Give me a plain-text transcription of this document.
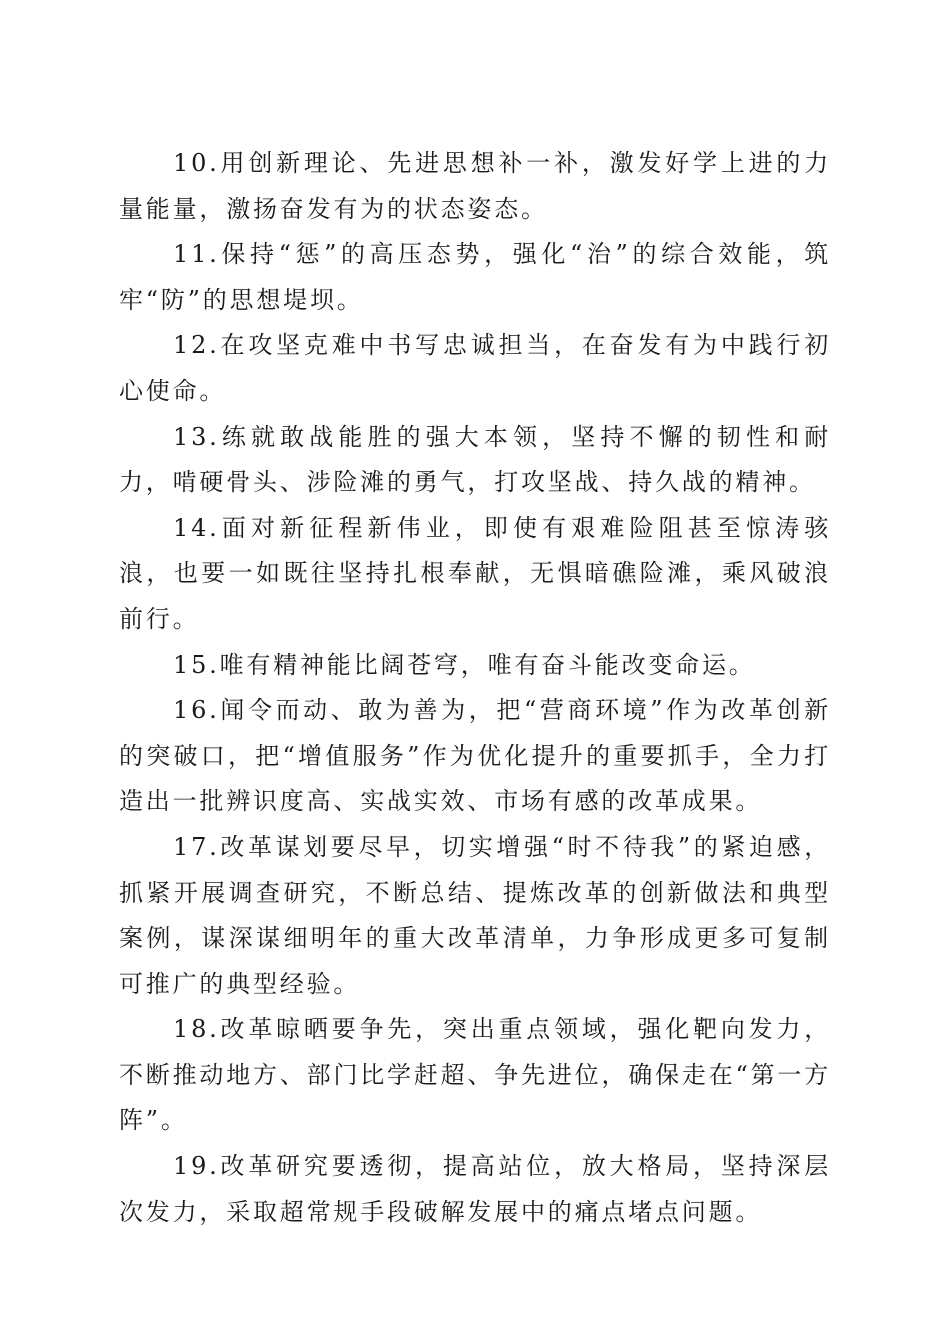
10.用创新理论、先进思想补一补，激发好学上进的力量能量，激扬奋发有为的状态姿态。

11.保持“惩”的高压态势，强化“治”的综合效能，筑牢“防”的思想堤坝。

12.在攻坚克难中书写忠诚担当，在奋发有为中践行初心使命。

13.练就敢战能胜的强大本领，坚持不懈的韧性和耐力，啃硬骨头、涉险滩的勇气，打攻坚战、持久战的精神。

14.面对新征程新伟业，即使有艰难险阻甚至惊涛骇浪，也要一如既往坚持扎根奉献，无惧暗礁险滩，乘风破浪前行。

15.唯有精神能比阔苍穹，唯有奋斗能改变命运。

16.闻令而动、敢为善为，把“营商环境”作为改革创新的突破口，把“增值服务”作为优化提升的重要抓手，全力打造出一批辨识度高、实战实效、市场有感的改革成果。

17.改革谋划要尽早，切实增强“时不待我”的紧迫感，抓紧开展调查研究，不断总结、提炼改革的创新做法和典型案例，谋深谋细明年的重大改革清单，力争形成更多可复制可推广的典型经验。

18.改革晾晒要争先，突出重点领域，强化靶向发力，不断推动地方、部门比学赶超、争先进位，确保走在“第一方阵”。

19.改革研究要透彻，提高站位，放大格局，坚持深层次发力，采取超常规手段破解发展中的痛点堵点问题。
